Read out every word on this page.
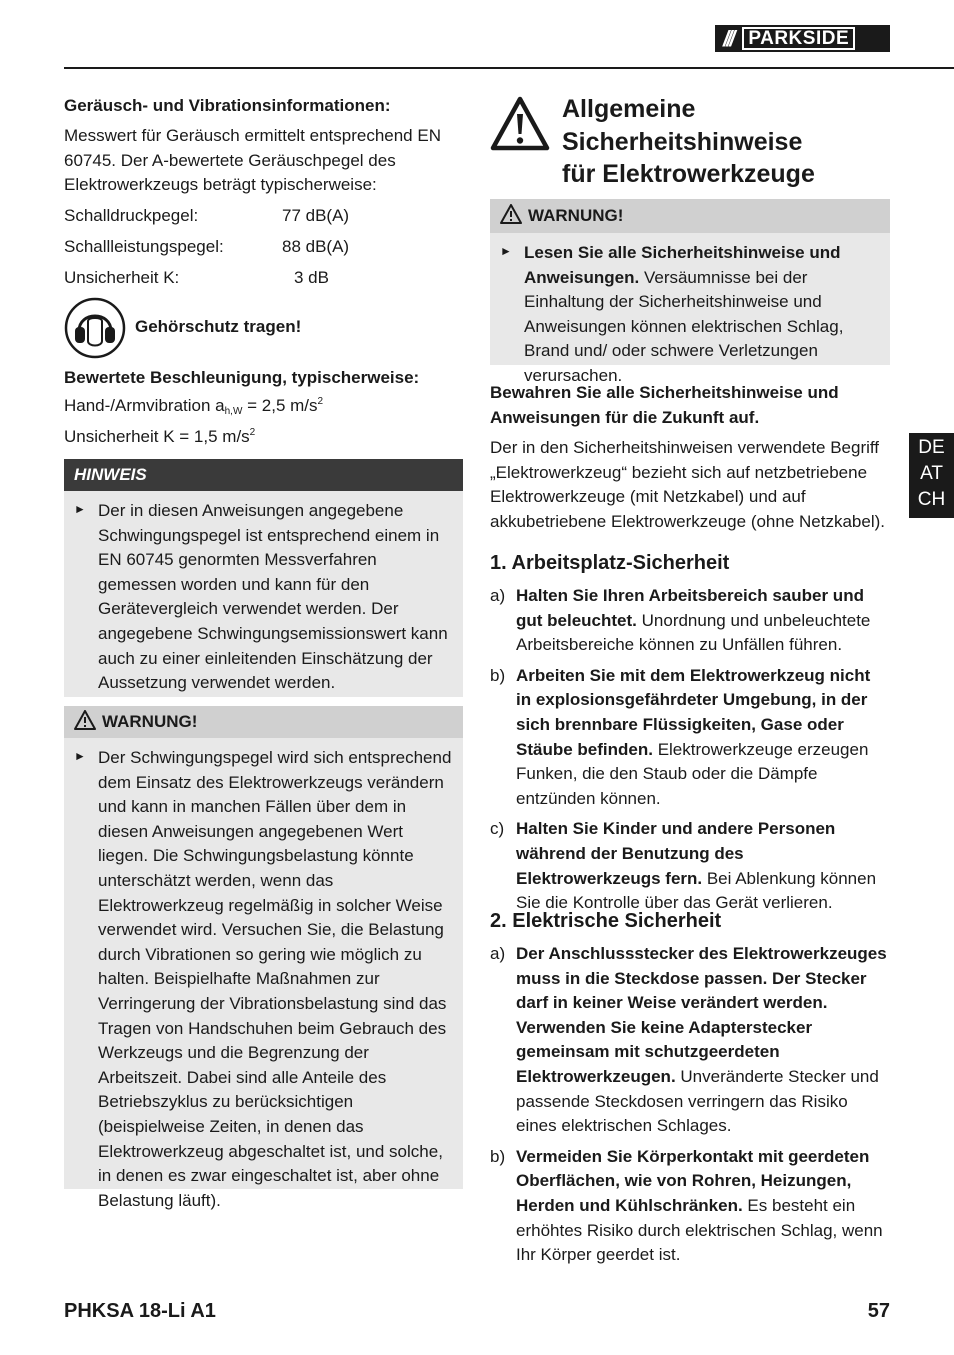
/// PARKSIDE
Geräusch- und Vibrationsinformationen:
Messwert für Geräusch ermittelt entsprechend EN 60745. Der A-bewertete Geräuschpegel des Elektrowerkzeugs beträgt typischerweise:
Schalldruckpegel:	77 dB(A)
Schallleistungspegel:	88 dB(A)
Unsicherheit K:	3 dB
Gehörschutz tragen!
Bewertete Beschleunigung, typischerweise:
Hand-/Armvibration $a_{h,W} = 2,5$ $m/s^2$
Unsicherheit K = 1,5 $m/s^2$
HINWEIS
► Der in diesen Anweisungen angegebene Schwingungspegel ist entsprechend einem in EN 60745 genormten Messverfahren gemessen worden und kann für den Gerätevergleich verwendet werden. Der angegebene Schwingungsemissionswert kann auch zu einer einleitenden Einschätzung der Aussetzung verwendet werden.
WARNUNG!
► Der Schwingungspegel wird sich entsprechend dem Einsatz des Elektrowerkzeugs verändern und kann in manchen Fällen über dem in diesen Anweisungen angegebenen Wert liegen. Die Schwingungsbelastung könnte unterschätzt werden, wenn das Elektrowerkzeug regelmäßig in solcher Weise verwendet wird. Versuchen Sie, die Belastung durch Vibrationen so gering wie möglich zu halten. Beispielhafte Maßnahmen zur Verringerung der Vibrationsbelastung sind das Tragen von Handschuhen beim Gebrauch des Werkzeugs und die Begrenzung der Arbeitszeit. Dabei sind alle Anteile des Betriebszyklus zu berücksichtigen (beispielweise Zeiten, in denen das Elektrowerkzeug abgeschaltet ist, und solche, in denen es zwar eingeschaltet ist, aber ohne Belastung läuft).
Allgemeine
Sicherheitshinweise
für Elektrowerkzeuge
WARNUNG!
► Lesen Sie alle Sicherheitshinweise und Anweisungen. Versäumnisse bei der Einhaltung der Sicherheitshinweise und Anweisungen können elektrischen Schlag, Brand und/ oder schwere Verletzungen verursachen.
Bewahren Sie alle Sicherheitshinweise und Anweisungen für die Zukunft auf.
Der in den Sicherheitshinweisen verwendete Begriff „Elektrowerkzeug“ bezieht sich auf netzbetriebene Elektrowerkzeuge (mit Netzkabel) und auf akkubetriebene Elektrowerkzeuge (ohne Netzkabel).
1. Arbeitsplatz-Sicherheit
a) Halten Sie Ihren Arbeitsbereich sauber und gut beleuchtet. Unordnung und unbeleuchtete Arbeitsbereiche können zu Unfällen führen.
b) Arbeiten Sie mit dem Elektrowerkzeug nicht in explosionsgefährdeter Umgebung, in der sich brennbare Flüssigkeiten, Gase oder Stäube befinden. Elektrowerkzeuge erzeugen Funken, die den Staub oder die Dämpfe entzünden können.
c) Halten Sie Kinder und andere Personen während der Benutzung des Elektrowerkzeugs fern. Bei Ablenkung können Sie die Kontrolle über das Gerät verlieren.
2. Elektrische Sicherheit
a) Der Anschlussstecker des Elektrowerkzeuges muss in die Steckdose passen. Der Stecker darf in keiner Weise verändert werden. Verwenden Sie keine Adapterstecker gemeinsam mit schutzgeerdeten Elektrowerkzeugen. Unveränderte Stecker und passende Steckdosen verringern das Risiko eines elektrischen Schlages.
b) Vermeiden Sie Körperkontakt mit geerdeten Oberflächen, wie von Rohren, Heizungen, Herden und Kühlschränken. Es besteht ein erhöhtes Risiko durch elektrischen Schlag, wenn Ihr Körper geerdet ist.
DE
AT
CH
PHKSA 18-Li A1	57
